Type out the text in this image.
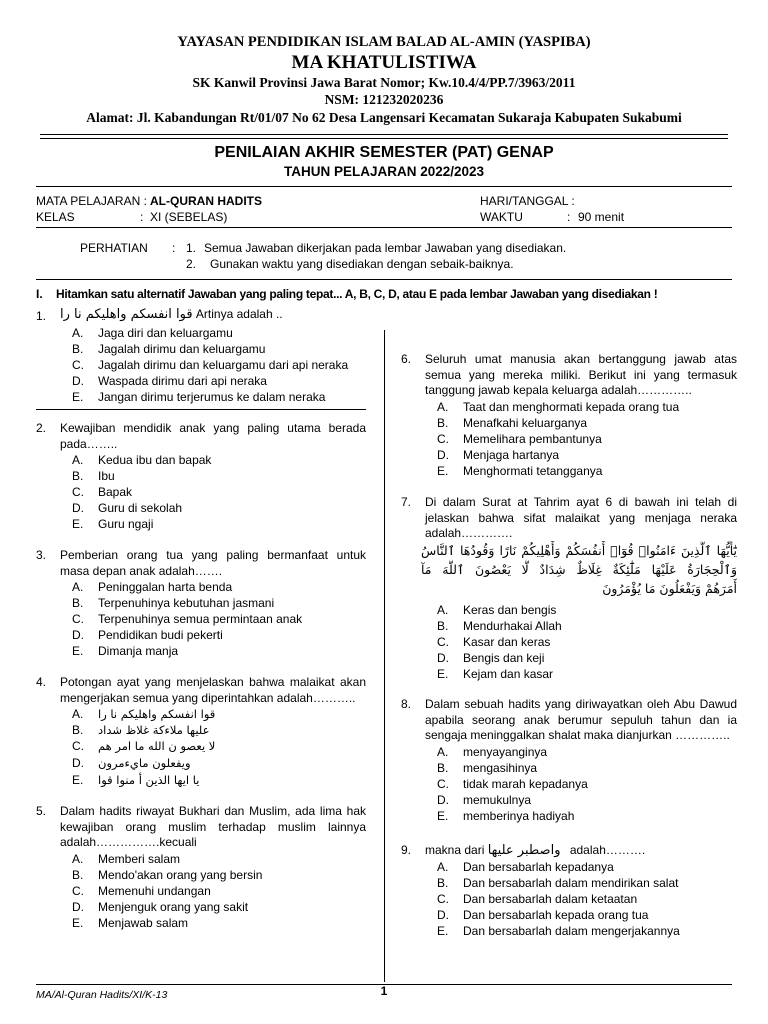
YAYASAN PENDIDIKAN ISLAM BALAD AL-AMIN (YASPIBA)
MA KHATULISTIWA
SK Kanwil Provinsi Jawa Barat Nomor; Kw.10.4/4/PP.7/3963/2011
NSM: 121232020236
Alamat: Jl. Kabandungan Rt/01/07 No 62 Desa Langensari Kecamatan Sukaraja Kabupaten Sukabumi
PENILAIAN AKHIR SEMESTER (PAT) GENAP
TAHUN PELAJARAN 2022/2023
MATA PELAJARAN : AL-QURAN HADITS
KELAS	: XI (SEBELAS)
HARI/TANGGAL :
WAKTU	: 90 menit
PERHATIAN : 1. Semua Jawaban dikerjakan pada lembar Jawaban yang disediakan.
2. Gunakan waktu yang disediakan dengan sebaik-baiknya.
I. Hitamkan satu alternatif Jawaban yang paling tepat... A, B, C, D, atau E pada lembar Jawaban yang disediakan !
1. قوا انفسكم واهليكم نا را Artinya adalah ..
A. Jaga diri dan keluargamu
B. Jagalah dirimu dan keluargamu
C. Jagalah dirimu dan keluargamu dari api neraka
D. Waspada dirimu dari api neraka
E. Jangan dirimu terjerumus ke dalam neraka
2. Kewajiban mendidik anak yang paling utama berada pada……..
A. Kedua ibu dan bapak
B. Ibu
C. Bapak
D. Guru di sekolah
E. Guru ngaji
3. Pemberian orang tua yang paling bermanfaat untuk masa depan anak adalah…….
A. Peninggalan harta benda
B. Terpenuhinya kebutuhan jasmani
C. Terpenuhinya semua permintaan anak
D. Pendidikan budi pekerti
E. Dimanja manja
4. Potongan ayat yang menjelaskan bahwa malaikat akan mengerjakan semua yang diperintahkan adalah………..
A. قوا انفسكم واهليكم نا را
B. عليها ملاءكة غلاظ شداد
C. لا يعصو ن الله ما امر هم
D. ويفعلون مايءمرون
E. يا ايها الذين أ منوا قوا
5. Dalam hadits riwayat Bukhari dan Muslim, ada lima hak kewajiban orang muslim terhadap muslim lainnya adalah…………….kecuali
A. Memberi salam
B. Mendo'akan orang yang bersin
C. Memenuhi undangan
D. Menjenguk orang yang sakit
E. Menjawab salam
6. Seluruh umat manusia akan bertanggung jawab atas semua yang mereka miliki. Berikut ini yang termasuk tanggung jawab kepala keluarga adalah…………..
A. Taat dan menghormati kepada orang tua
B. Menafkahi keluarganya
C. Memelihara pembantunya
D. Menjaga hartanya
E. Menghormati tetangganya
7. Di dalam Surat at Tahrim ayat 6 di bawah ini telah di jelaskan bahwa sifat malaikat yang menjaga neraka adalah………….
يَٰٓأَيُّهَا ٱلَّذِينَ ءَامَنُوا۟ قُوٓا۟ أَنفُسَكُمْ وَأَهْلِيكُمْ نَارًا وَقُودُهَا ٱلنَّاسُ
وَٱلْحِجَارَةُ عَلَيْهَا مَلَٰٓئِكَةٌ غِلَاظٌ شِدَادٌ لَّا يَعْصُونَ ٱللَّهَ مَآ
أَمَرَهُمْ وَيَفْعَلُونَ مَا يُؤْمَرُونَ
A. Keras dan bengis
B. Mendurhakai Allah
C. Kasar dan keras
D. Bengis dan keji
E. Kejam dan kasar
8. Dalam sebuah hadits yang diriwayatkan oleh Abu Dawud apabila seorang anak berumur sepuluh tahun dan ia sengaja meninggalkan shalat maka dianjurkan …………..
A. menyayanginya
B. mengasihinya
C. tidak marah kepadanya
D. memukulnya
E. memberinya hadiyah
9. makna dari واصطبر عليها adalah……….
A. Dan bersabarlah kepadanya
B. Dan bersabarlah dalam mendirikan salat
C. Dan bersabarlah dalam ketaatan
D. Dan bersabarlah kepada orang tua
E. Dan bersabarlah dalam mengerjakannya
MA/Al-Quran Hadits/XI/K-13	1
